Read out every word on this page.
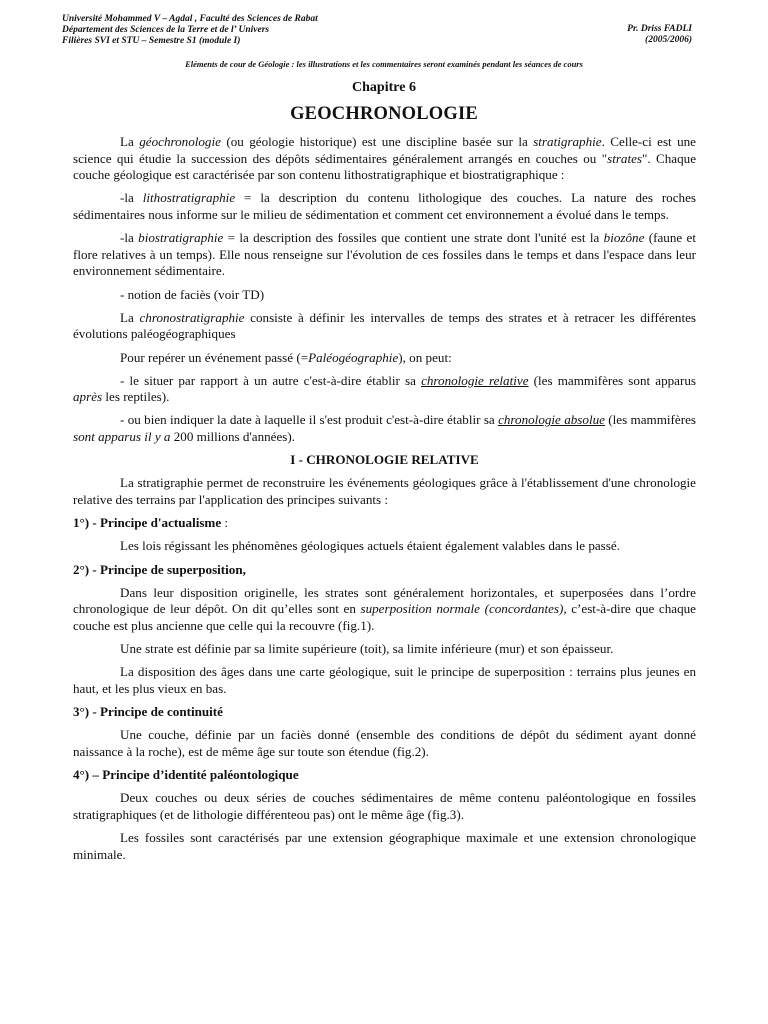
Université Mohammed V – Agdal , Faculté des Sciences de Rabat
Département des Sciences de la Terre et de l’ Univers
Filières SVI et STU – Semestre S1 (module I)
Pr. Driss FADLI
(2005/2006)
Eléments de cour de Géologie : les illustrations et les commentaires seront examinés pendant les séances de cours
Chapitre 6
GEOCHRONOLOGIE

La géochronologie (ou géologie historique) est une discipline basée sur la stratigraphie. Celle-ci est une science qui étudie la succession des dépôts sédimentaires généralement arrangés en couches ou "strates". Chaque couche géologique est caractérisée par son contenu lithostratigraphique et biostratigraphique :

-la lithostratigraphie = la description du contenu lithologique des couches. La nature des roches sédimentaires nous informe sur le milieu de sédimentation et comment cet environnement a évolué dans le temps.

-la biostratigraphie = la description des fossiles que contient une strate dont l'unité est la biozône (faune et flore relatives à un temps). Elle nous renseigne sur l'évolution de ces fossiles dans le temps et dans l'espace dans leur environnement sédimentaire.

- notion de faciès (voir TD)

La chronostratigraphie consiste à définir les intervalles de temps des strates et à retracer les différentes évolutions paléogéographiques

Pour repérer un événement passé (=Paléogéographie), on peut:

- le situer par rapport à un autre c'est-à-dire établir sa chronologie relative (les mammifères sont apparus après les reptiles).

- ou bien indiquer la date à laquelle il s'est produit c'est-à-dire établir sa chronologie absolue (les mammifères sont apparus il y a 200 millions d'années).

I - CHRONOLOGIE RELATIVE

La stratigraphie permet de reconstruire les événements géologiques grâce à l'établissement d'une chronologie relative des terrains par l'application des principes suivants :

1°) - Principe d'actualisme :

Les lois régissant les phénomènes géologiques actuels étaient également valables dans le passé.

2°) - Principe de superposition,

Dans leur disposition originelle, les strates sont généralement horizontales, et superposées dans l’ordre chronologique de leur dépôt. On dit qu’elles sont en superposition normale (concordantes), c’est-à-dire que chaque couche est plus ancienne que celle qui la recouvre (fig.1).

Une strate est définie par sa limite supérieure (toit), sa limite inférieure (mur) et son épaisseur.

La disposition des âges dans une carte géologique, suit le principe de superposition : terrains plus jeunes en haut, et les plus vieux en bas.

3°) - Principe de continuité

Une couche, définie par un faciès donné (ensemble des conditions de dépôt du sédiment ayant donné naissance à la roche), est de même âge sur toute son étendue (fig.2).

4°) – Principe d’identité paléontologique

Deux couches ou deux séries de couches sédimentaires de même contenu paléontologique en fossiles stratigraphiques (et de lithologie différenteou pas) ont le même âge (fig.3).

Les fossiles sont caractérisés par une extension géographique maximale et une extension chronologique minimale.
